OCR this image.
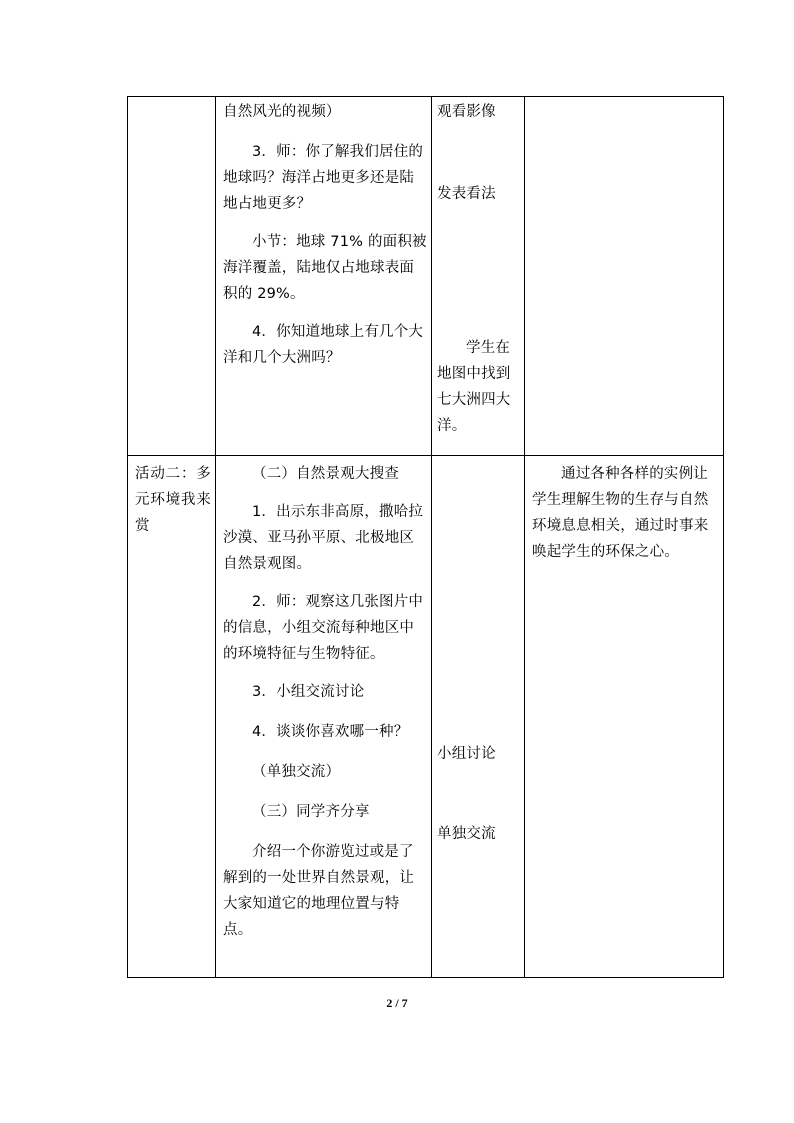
自然风光的视频）

3．师：你了解我们居住的地球吗？海洋占地更多还是陆地占地更多？

小节：地球 71% 的面积被海洋覆盖，陆地仅占地球表面积的 29%。

4．你知道地球上有几个大洋和几个大洲吗？

观看影像

发表看法

学生在地图中找到七大洲四大洋。

活动二：多元环境我来赏

（二）自然景观大搜查

1．出示东非高原，撒哈拉沙漠、亚马孙平原、北极地区自然景观图。

2．师：观察这几张图片中的信息，小组交流每种地区中的环境特征与生物特征。

3．小组交流讨论

4．谈谈你喜欢哪一种？

（单独交流）

（三）同学齐分享

介绍一个你游览过或是了解到的一处世界自然景观，让大家知道它的地理位置与特点。

小组讨论

单独交流

通过各种各样的实例让学生理解生物的生存与自然环境息息相关，通过时事来唤起学生的环保之心。

2 / 7
